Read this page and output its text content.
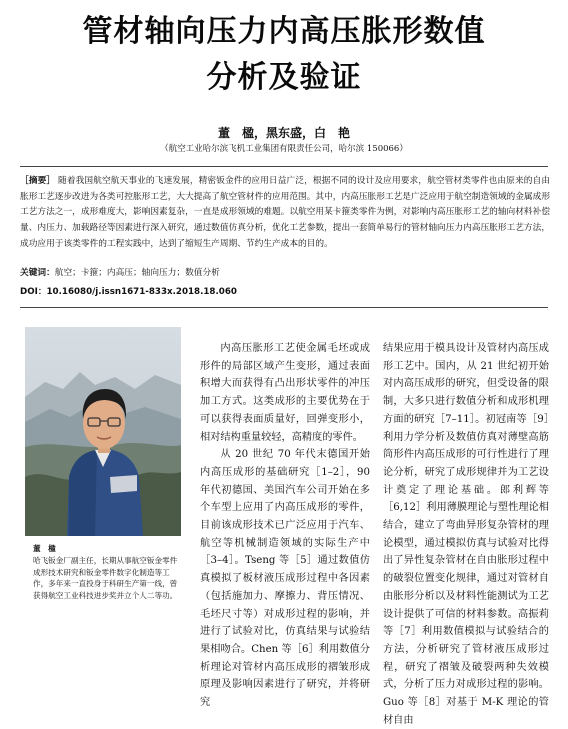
管材轴向压力内高压胀形数值
分析及验证
董　楹，黑东盛，白　艳
（航空工业哈尔滨飞机工业集团有限责任公司，哈尔滨 150066）
［摘要］ 随着我国航空航天事业的飞速发展，精密钣金件的应用日益广泛，根据不同的设计及应用要求，航空管材类零件也由原来的自由胀形工艺逐步改进为各类可控胀形工艺，大大提高了航空管材件的应用范围。其中，内高压胀形工艺是广泛应用于航空制造领域的金属成形工艺方法之一，成形难度大，影响因素复杂，一直是成形领域的难题。以航空用某卡箍类零件为例，对影响内高压胀形工艺的轴向材料补偿量、内压力、加载路径等因素进行深入研究，通过数值仿真分析，优化工艺参数，提出一套简单易行的管材轴向压力内高压胀形工艺方法，成功应用于该类零件的工程实践中，达到了缩短生产周期、节约生产成本的目的。
关键词：航空；卡箍；内高压；轴向压力；数值分析
DOI：10.16080/j.issn1671-833x.2018.18.060
董　楹
哈飞钣金厂副主任，长期从事航空钣金零件成形技术研究和钣金零件数字化制造等工作，多年来一直投身于科研生产第一线，曾获得航空工业科技进步奖并立个人二等功。

内高压胀形工艺使金属毛坯或成形件的局部区域产生变形，通过表面积增大而获得有凸出形状零件的冲压加工方式。这类成形的主要优势在于可以获得表面质量好，回弹变形小，相对结构重量较轻，高精度的零件。

从 20 世纪 70 年代末德国开始内高压成形的基础研究［1–2］，90 年代初德国、美国汽车公司开始在多个车型上应用了内高压成形的零件，目前该成形技术已广泛应用于汽车、航空等机械制造领域的实际生产中［3–4］。Tseng 等［5］通过数值仿真模拟了板材液压成形过程中各因素（包括施加力、摩擦力、背压情况、毛坯尺寸等）对成形过程的影响，并进行了试验对比，仿真结果与试验结果相吻合。Chen 等［6］利用数值分析理论对管材内高压成形的褶皱形成原理及影响因素进行了研究，并将研究

结果应用于模具设计及管材内高压成形工艺中。国内，从 21 世纪初开始对内高压成形的研究，但受设备的限制，大多只进行数值分析和成形机理方面的研究［7–11］。初冠南等［9］利用力学分析及数值仿真对薄壁高筋筒形件内高压成形的可行性进行了理论分析，研究了成形规律并为工艺设计奠定了理论基础。郎利辉等［6,12］利用薄膜理论与塑性理论相结合，建立了弯曲异形复杂管材的理论模型，通过模拟仿真与试验对比得出了异性复杂管材在自由胀形过程中的破裂位置变化规律，通过对管材自由胀形分析以及材料性能测试为工艺设计提供了可信的材料参数。高振莉等［7］利用数值模拟与试验结合的方法，分析研究了管材液压成形过程，研究了褶皱及破裂两种失效模式，分析了压力对成形过程的影响。Guo 等［8］对基于 M-K 理论的管材自由
